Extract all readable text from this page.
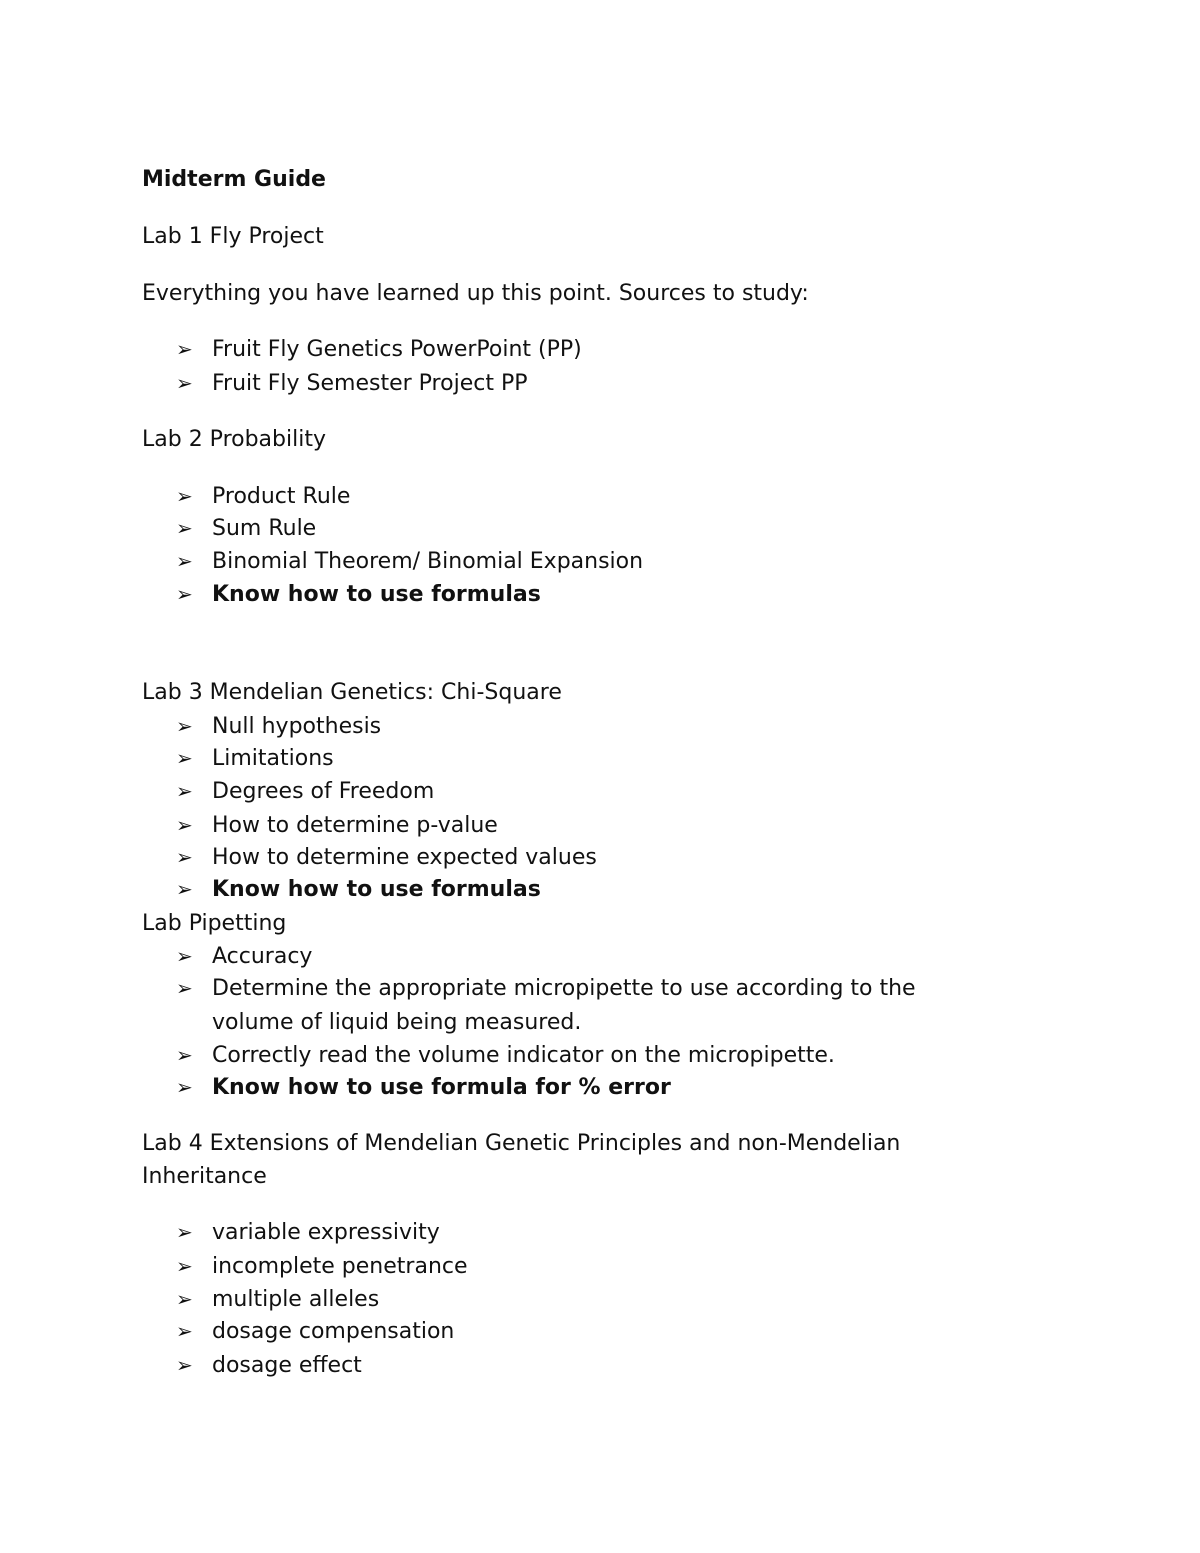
Midterm Guide
Lab 1 Fly Project
Everything you have learned up this point. Sources to study:
➢ Fruit Fly Genetics PowerPoint (PP)
➢ Fruit Fly Semester Project PP
Lab 2 Probability
➢ Product Rule
➢ Sum Rule
➢ Binomial Theorem/ Binomial Expansion
➢ Know how to use formulas
Lab 3 Mendelian Genetics: Chi-Square
➢ Null hypothesis
➢ Limitations
➢ Degrees of Freedom
➢ How to determine p-value
➢ How to determine expected values
➢ Know how to use formulas
Lab Pipetting
➢ Accuracy
➢ Determine the appropriate micropipette to use according to the
volume of liquid being measured.
➢ Correctly read the volume indicator on the micropipette.
➢ Know how to use formula for % error
Lab 4 Extensions of Mendelian Genetic Principles and non-Mendelian
Inheritance
➢ variable expressivity
➢ incomplete penetrance
➢ multiple alleles
➢ dosage compensation
➢ dosage effect
